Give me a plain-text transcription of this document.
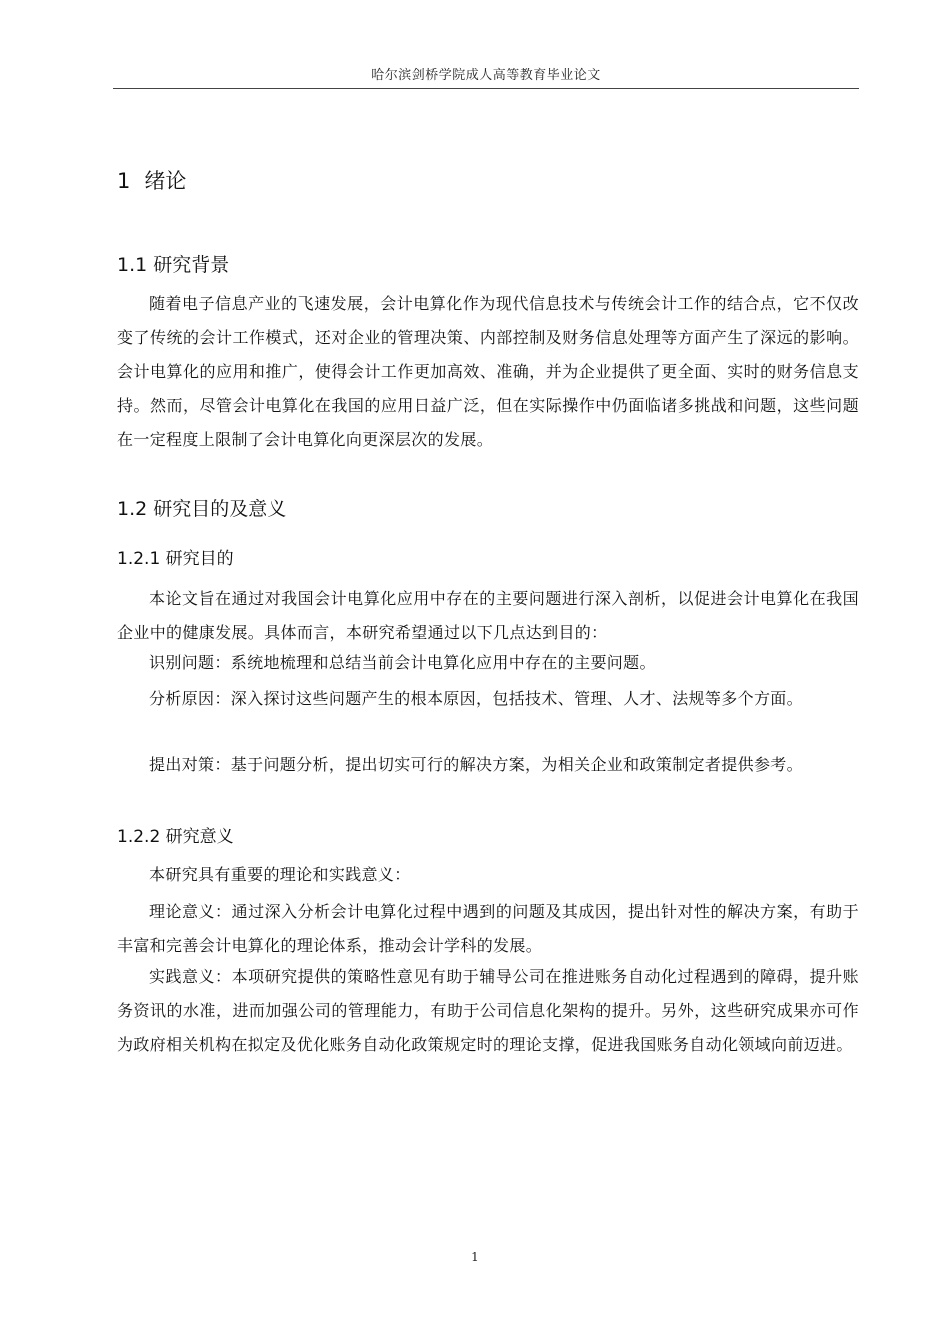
哈尔滨剑桥学院成人高等教育毕业论文
1 绪论
1.1 研究背景

随着电子信息产业的飞速发展，会计电算化作为现代信息技术与传统会计工作的结合点，它不仅改变了传统的会计工作模式，还对企业的管理决策、内部控制及财务信息处理等方面产生了深远的影响。会计电算化的应用和推广，使得会计工作更加高效、准确，并为企业提供了更全面、实时的财务信息支持。然而，尽管会计电算化在我国的应用日益广泛，但在实际操作中仍面临诸多挑战和问题，这些问题在一定程度上限制了会计电算化向更深层次的发展。

1.2 研究目的及意义
1.2.1 研究目的

本论文旨在通过对我国会计电算化应用中存在的主要问题进行深入剖析，以促进会计电算化在我国企业中的健康发展。具体而言，本研究希望通过以下几点达到目的：

识别问题：系统地梳理和总结当前会计电算化应用中存在的主要问题。

分析原因：深入探讨这些问题产生的根本原因，包括技术、管理、人才、法规等多个方面。

提出对策：基于问题分析，提出切实可行的解决方案，为相关企业和政策制定者提供参考。

1.2.2 研究意义

本研究具有重要的理论和实践意义：

理论意义：通过深入分析会计电算化过程中遇到的问题及其成因，提出针对性的解决方案，有助于丰富和完善会计电算化的理论体系，推动会计学科的发展。

实践意义：本项研究提供的策略性意见有助于辅导公司在推进账务自动化过程遇到的障碍，提升账务资讯的水准，进而加强公司的管理能力，有助于公司信息化架构的提升。另外，这些研究成果亦可作为政府相关机构在拟定及优化账务自动化政策规定时的理论支撑，促进我国账务自动化领域向前迈进。

1
